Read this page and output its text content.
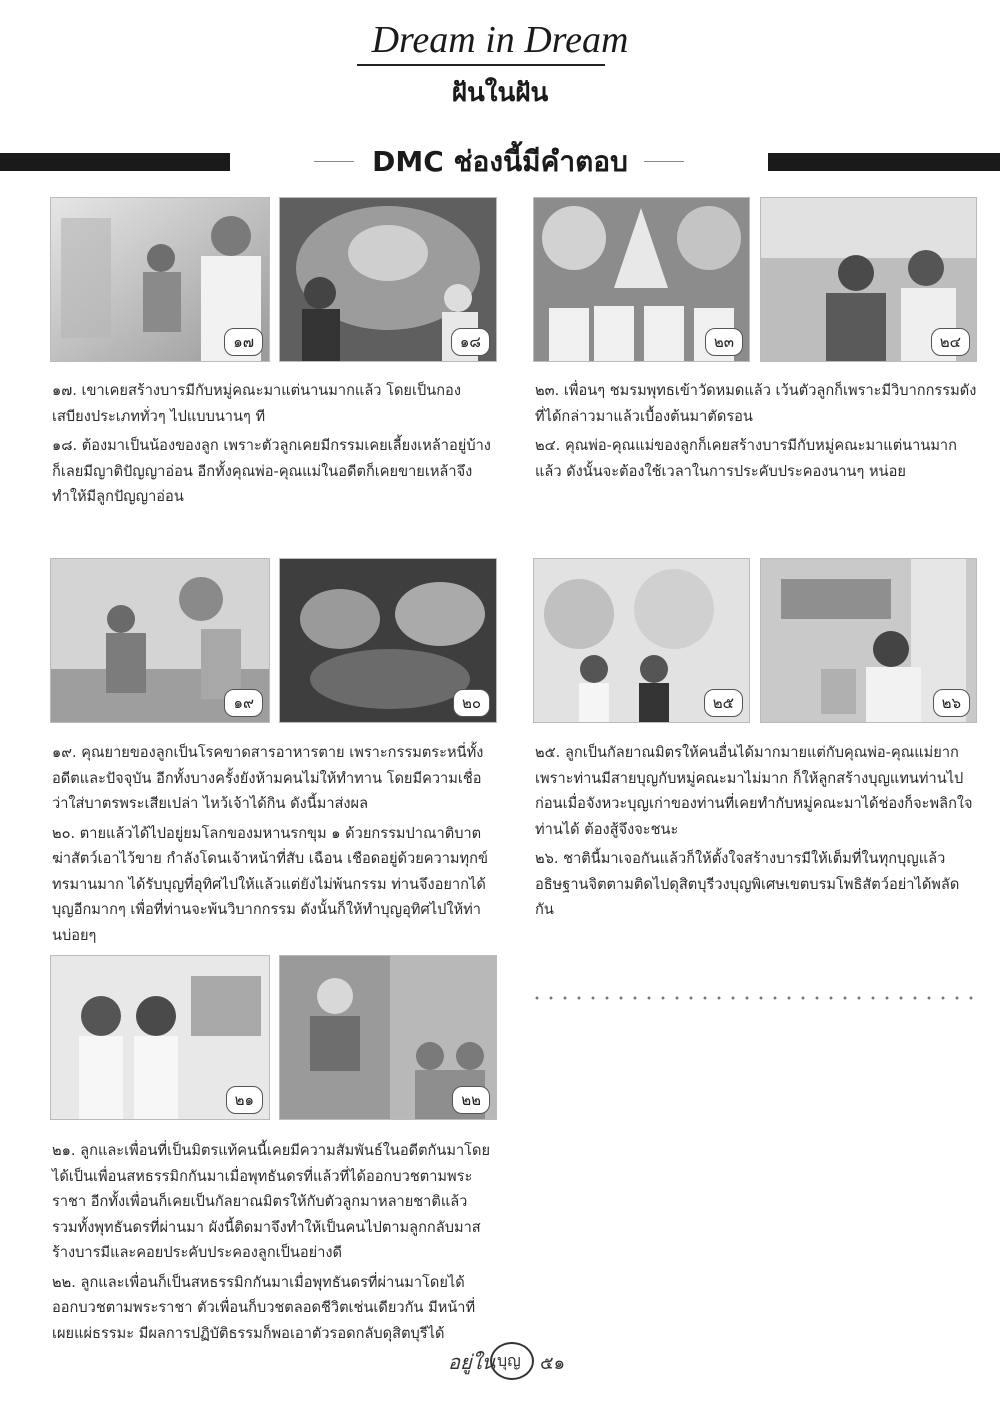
Dream in Dream
ฝันในฝัน
DMC ช่องนี้มีคำตอบ
๑๗	๑๘	๒๓	๒๔

๑๗. เขาเคยสร้างบารมีกับหมู่คณะมาแต่นานมากแล้ว โดยเป็นกองเสบียงประเภททั่วๆ ไปแบบนานๆ ที

๑๘. ต้องมาเป็นน้องของลูก เพราะตัวลูกเคยมีกรรมเคยเลี้ยงเหล้าอยู่บ้างก็เลยมีญาติปัญญาอ่อน อีกทั้งคุณพ่อ-คุณแม่ในอดีตก็เคยขายเหล้าจึงทำให้มีลูกปัญญาอ่อน

๒๓. เพื่อนๆ ชมรมพุทธเข้าวัดหมดแล้ว เว้นตัวลูกก็เพราะมีวิบากกรรมดังที่ได้กล่าวมาแล้วเบื้องต้นมาตัดรอน

๒๔. คุณพ่อ-คุณแม่ของลูกก็เคยสร้างบารมีกับหมู่คณะมาแต่นานมากแล้ว ดังนั้นจะต้องใช้เวลาในการประคับประคองนานๆ หน่อย

๑๙	๒๐	๒๕	๒๖

๑๙. คุณยายของลูกเป็นโรคขาดสารอาหารตาย เพราะกรรมตระหนี่ทั้งอดีตและปัจจุบัน อีกทั้งบางครั้งยังห้ามคนไม่ให้ทำทาน โดยมีความเชื่อว่าใส่บาตรพระเสียเปล่า ไหว้เจ้าได้กิน ดังนี้มาส่งผล

๒๐. ตายแล้วได้ไปอยู่ยมโลกของมหานรกขุม ๑ ด้วยกรรมปาณาติบาตฆ่าสัตว์เอาไว้ขาย กำลังโดนเจ้าหน้าที่สับ เฉือน เชือดอยู่ด้วยความทุกข์ทรมานมาก ได้รับบุญที่อุทิศไปให้แล้วแต่ยังไม่พ้นกรรม ท่านจึงอยากได้บุญอีกมากๆ เพื่อที่ท่านจะพ้นวิบากกรรม ดังนั้นก็ให้ทำบุญอุทิศไปให้ท่านบ่อยๆ

๒๕. ลูกเป็นกัลยาณมิตรให้คนอื่นได้มากมายแต่กับคุณพ่อ-คุณแม่ยากเพราะท่านมีสายบุญกับหมู่คณะมาไม่มาก ก็ให้ลูกสร้างบุญแทนท่านไปก่อนเมื่อจังหวะบุญเก่าของท่านที่เคยทำกับหมู่คณะมาได้ช่องก็จะพลิกใจท่านได้ ต้องสู้จึงจะชนะ

๒๖. ชาตินี้มาเจอกันแล้วก็ให้ตั้งใจสร้างบารมีให้เต็มที่ในทุกบุญแล้วอธิษฐานจิตตามติดไปดุสิตบุรีวงบุญพิเศษเขตบรมโพธิสัตว์อย่าได้พลัดกัน

๒๑	๒๒

๒๑. ลูกและเพื่อนที่เป็นมิตรแท้คนนี้เคยมีความสัมพันธ์ในอดีตกันมาโดยได้เป็นเพื่อนสหธรรมิกกันมาเมื่อพุทธันดรที่แล้วที่ได้ออกบวชตามพระราชา อีกทั้งเพื่อนก็เคยเป็นกัลยาณมิตรให้กับตัวลูกมาหลายชาติแล้ว รวมทั้งพุทธันดรที่ผ่านมา ผังนี้ติดมาจึงทำให้เป็นคนไปตามลูกกลับมาสร้างบารมีและคอยประคับประคองลูกเป็นอย่างดี

๒๒. ลูกและเพื่อนก็เป็นสหธรรมิกกันมาเมื่อพุทธันดรที่ผ่านมาโดยได้ออกบวชตามพระราชา ตัวเพื่อนก็บวชตลอดชีวิตเช่นเดียวกัน มีหน้าที่เผยแผ่ธรรมะ มีผลการปฏิบัติธรรมก็พอเอาตัวรอดกลับดุสิตบุรีได้

อยู่ใน บุญ ๕๑
